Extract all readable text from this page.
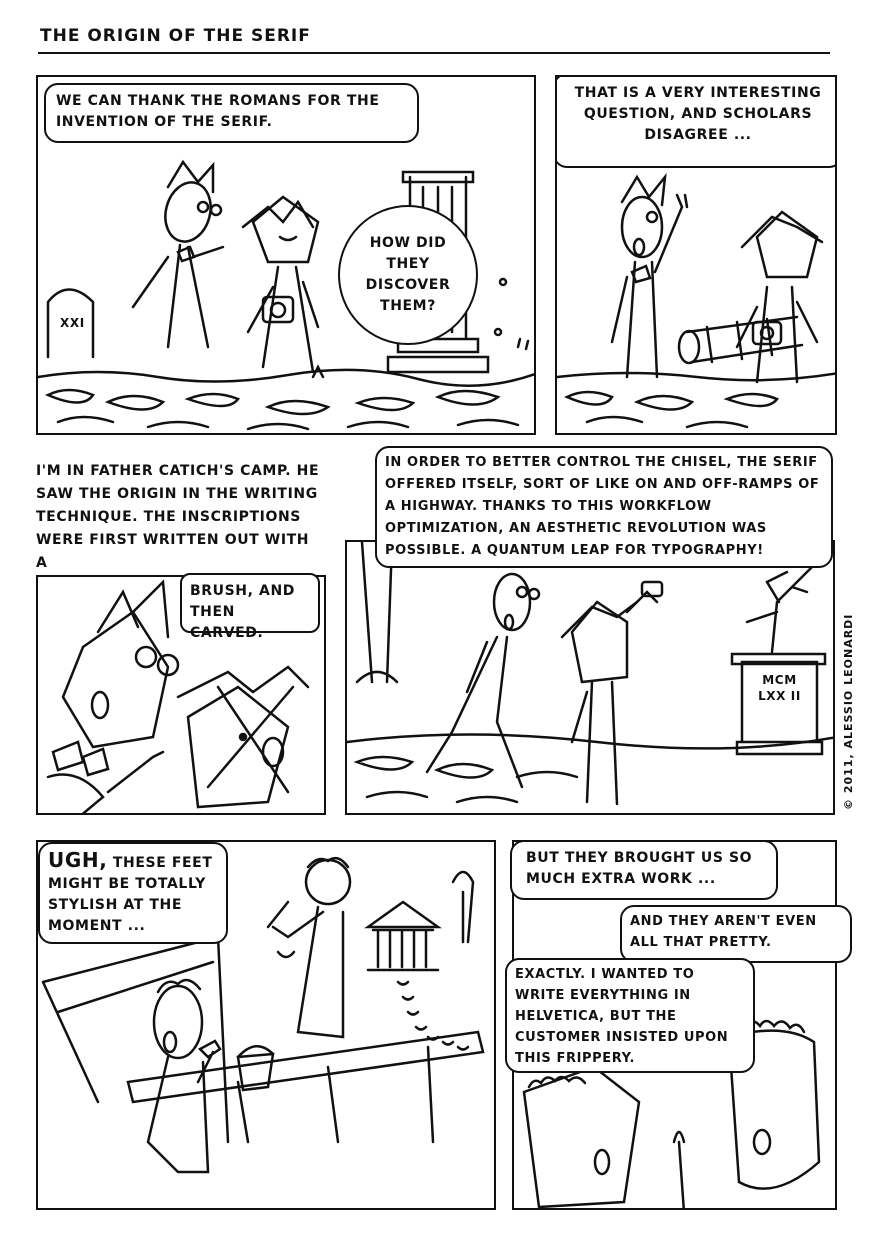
THE ORIGIN OF THE SERIF
XXI
WE CAN THANK THE ROMANS FOR THE INVENTION OF THE SERIF.
HOW DID THEY DISCOVER THEM?
THAT IS A VERY INTERESTING QUESTION, AND SCHOLARS DISAGREE ...
I'M IN FATHER CATICH'S CAMP. HE SAW THE ORIGIN IN THE WRITING TECHNIQUE. THE INSCRIPTIONS WERE FIRST WRITTEN OUT WITH A
BRUSH, AND THEN CARVED.
MCM LXX II
IN ORDER TO BETTER CONTROL THE CHISEL, THE SERIF OFFERED ITSELF, SORT OF LIKE ON AND OFF-RAMPS OF A HIGHWAY. THANKS TO THIS WORKFLOW OPTIMIZATION, AN AESTHETIC REVOLUTION WAS POSSIBLE. A QUANTUM LEAP FOR TYPOGRAPHY!
© 2011, ALESSIO LEONARDI
UGH, THESE FEET MIGHT BE TOTALLY STYLISH AT THE MOMENT ...
BUT THEY BROUGHT US SO MUCH EXTRA WORK ...
AND THEY AREN'T EVEN ALL THAT PRETTY.
EXACTLY. I WANTED TO WRITE EVERYTHING IN HELVETICA, BUT THE CUSTOMER INSISTED UPON THIS FRIPPERY.
